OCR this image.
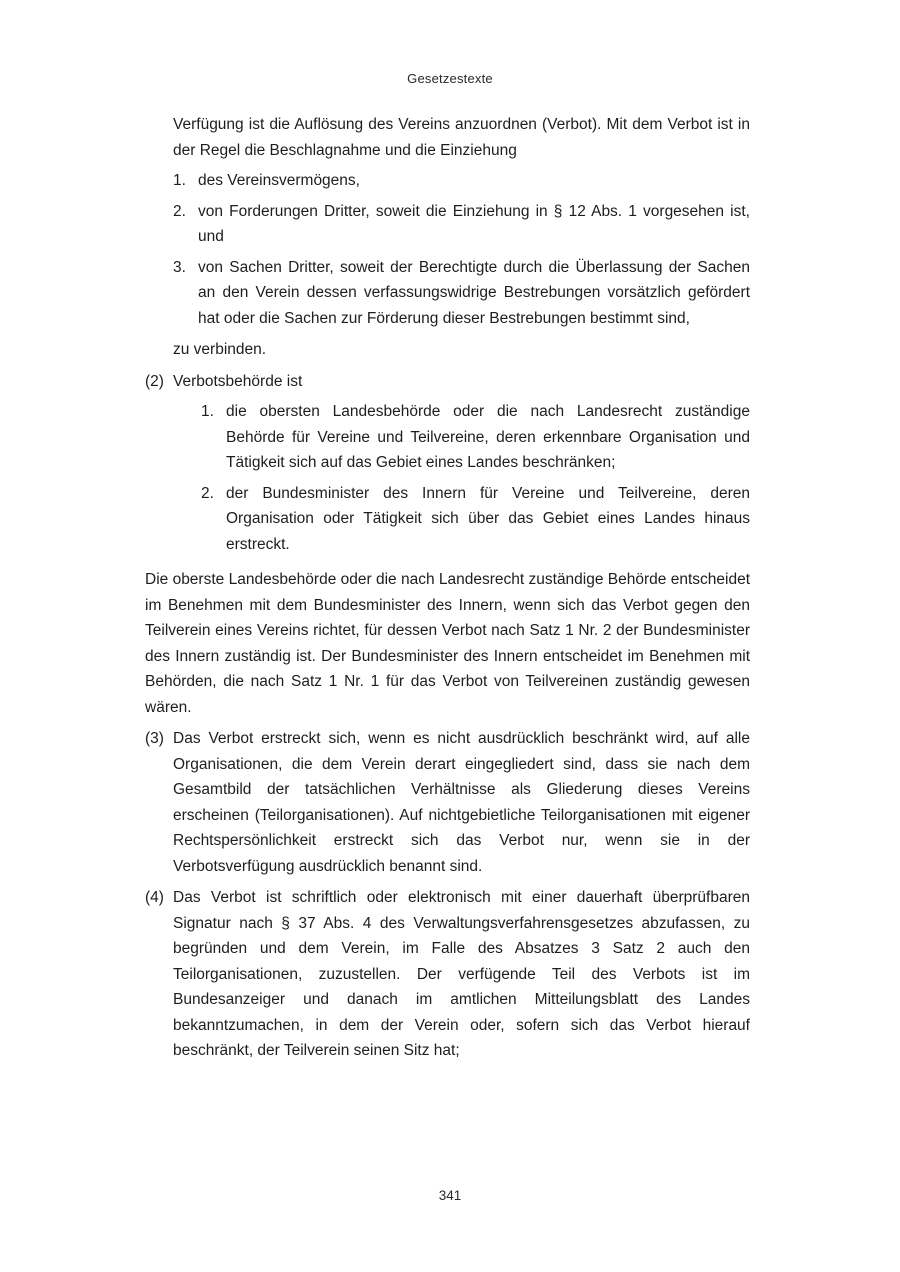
Gesetzestexte

Verfügung ist die Auflösung des Vereins anzuordnen (Verbot). Mit dem Verbot ist in der Regel die Beschlagnahme und die Einziehung

1. des Vereinsvermögens,
2. von Forderungen Dritter, soweit die Einziehung in § 12 Abs. 1 vorgesehen ist, und
3. von Sachen Dritter, soweit der Berechtigte durch die Überlassung der Sachen an den Verein dessen verfassungswidrige Bestrebungen vorsätzlich gefördert hat oder die Sachen zur Förderung dieser Bestrebungen bestimmt sind,

zu verbinden.

(2) Verbotsbehörde ist
1. die obersten Landesbehörde oder die nach Landesrecht zuständige Behörde für Vereine und Teilvereine, deren erkennbare Organisation und Tätigkeit sich auf das Gebiet eines Landes beschränken;
2. der Bundesminister des Innern für Vereine und Teilvereine, deren Organisation oder Tätigkeit sich über das Gebiet eines Landes hinaus erstreckt.

Die oberste Landesbehörde oder die nach Landesrecht zuständige Behörde entscheidet im Benehmen mit dem Bundesminister des Innern, wenn sich das Verbot gegen den Teilverein eines Vereins richtet, für dessen Verbot nach Satz 1 Nr. 2 der Bundesminister des Innern zuständig ist. Der Bundesminister des Innern entscheidet im Benehmen mit Behörden, die nach Satz 1 Nr. 1 für das Verbot von Teilvereinen zuständig gewesen wären.

(3) Das Verbot erstreckt sich, wenn es nicht ausdrücklich beschränkt wird, auf alle Organisationen, die dem Verein derart eingegliedert sind, dass sie nach dem Gesamtbild der tatsächlichen Verhältnisse als Gliederung dieses Vereins erscheinen (Teilorganisationen). Auf nichtgebietliche Teilorganisationen mit eigener Rechtspersönlichkeit erstreckt sich das Verbot nur, wenn sie in der Verbotsverfügung ausdrücklich benannt sind.
(4) Das Verbot ist schriftlich oder elektronisch mit einer dauerhaft überprüfbaren Signatur nach § 37 Abs. 4 des Verwaltungsverfahrensgesetzes abzufassen, zu begründen und dem Verein, im Falle des Absatzes 3 Satz 2 auch den Teilorganisationen, zuzustellen. Der verfügende Teil des Verbots ist im Bundesanzeiger und danach im amtlichen Mitteilungsblatt des Landes bekanntzumachen, in dem der Verein oder, sofern sich das Verbot hierauf beschränkt, der Teilverein seinen Sitz hat;
341
